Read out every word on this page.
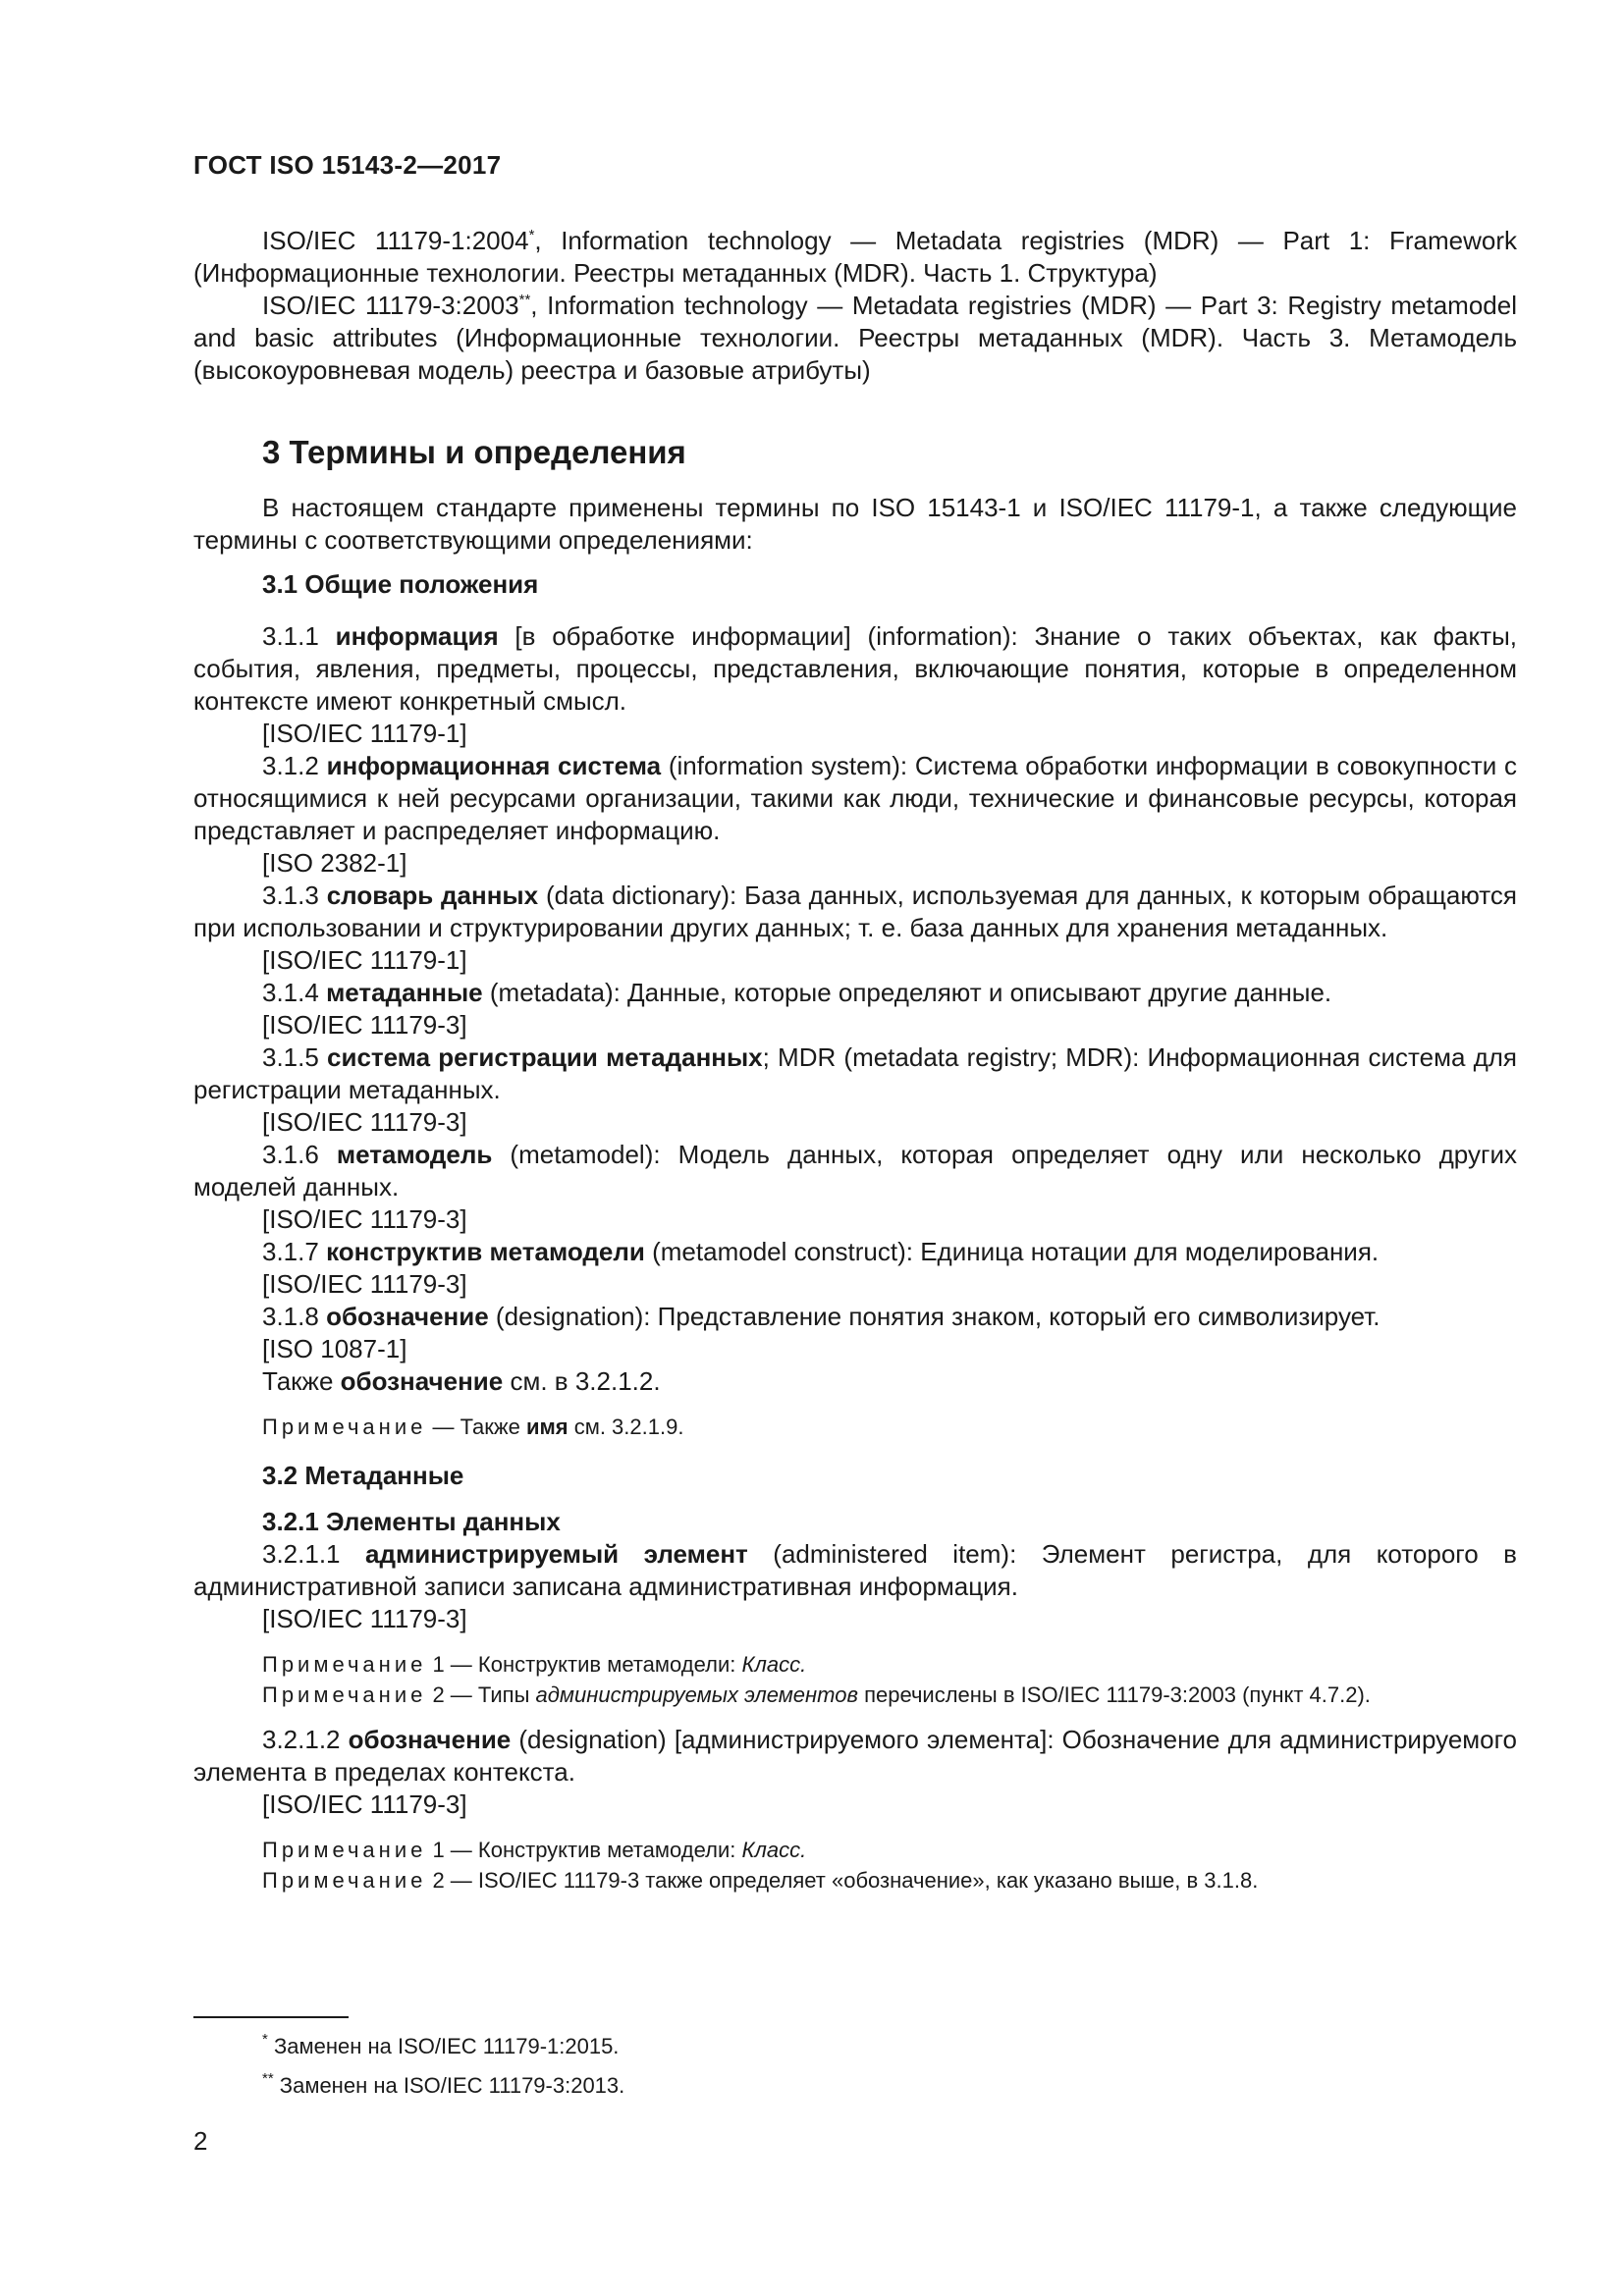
ГОСТ ISO 15143-2—2017

ISO/IEC 11179-1:2004*, Information technology — Metadata registries (MDR) — Part 1: Framework (Информационные технологии. Реестры метаданных (MDR). Часть 1. Структура)

ISO/IEC 11179-3:2003**, Information technology — Metadata registries (MDR) — Part 3: Registry metamodel and basic attributes (Информационные технологии. Реестры метаданных (MDR). Часть 3. Метамодель (высокоуровневая модель) реестра и базовые атрибуты)

3 Термины и определения

В настоящем стандарте применены термины по ISO 15143-1 и ISO/IEC 11179-1, а также следующие термины с соответствующими определениями:

3.1 Общие положения

3.1.1 информация [в обработке информации] (information): Знание о таких объектах, как факты, события, явления, предметы, процессы, представления, включающие понятия, которые в определенном контексте имеют конкретный смысл.

[ISO/IEC 11179-1]

3.1.2 информационная система (information system): Система обработки информации в совокупности с относящимися к ней ресурсами организации, такими как люди, технические и финансовые ресурсы, которая представляет и распределяет информацию.

[ISO 2382-1]

3.1.3 словарь данных (data dictionary): База данных, используемая для данных, к которым обращаются при использовании и структурировании других данных; т. е. база данных для хранения метаданных.

[ISO/IEC 11179-1]

3.1.4 метаданные (metadata): Данные, которые определяют и описывают другие данные.

[ISO/IEC 11179-3]

3.1.5 система регистрации метаданных; MDR (metadata registry; MDR): Информационная система для регистрации метаданных.

[ISO/IEC 11179-3]

3.1.6 метамодель (metamodel): Модель данных, которая определяет одну или несколько других моделей данных.

[ISO/IEC 11179-3]

3.1.7 конструктив метамодели (metamodel construct): Единица нотации для моделирования.

[ISO/IEC 11179-3]

3.1.8 обозначение (designation): Представление понятия знаком, который его символизирует.

[ISO 1087-1]

Также обозначение см. в 3.2.1.2.

Примечание — Также имя см. 3.2.1.9.

3.2 Метаданные
3.2.1 Элементы данных

3.2.1.1 администрируемый элемент (administered item): Элемент регистра, для которого в административной записи записана административная информация.

[ISO/IEC 11179-3]

Примечание 1 — Конструктив метамодели: Класс.

Примечание 2 — Типы администрируемых элементов перечислены в ISO/IEC 11179-3:2003 (пункт 4.7.2).

3.2.1.2 обозначение (designation) [администрируемого элемента]: Обозначение для администрируемого элемента в пределах контекста.

[ISO/IEC 11179-3]

Примечание 1 — Конструктив метамодели: Класс.

Примечание 2 — ISO/IEC 11179-3 также определяет «обозначение», как указано выше, в 3.1.8.

* Заменен на ISO/IEC 11179-1:2015.
** Заменен на ISO/IEC 11179-3:2013.
2
